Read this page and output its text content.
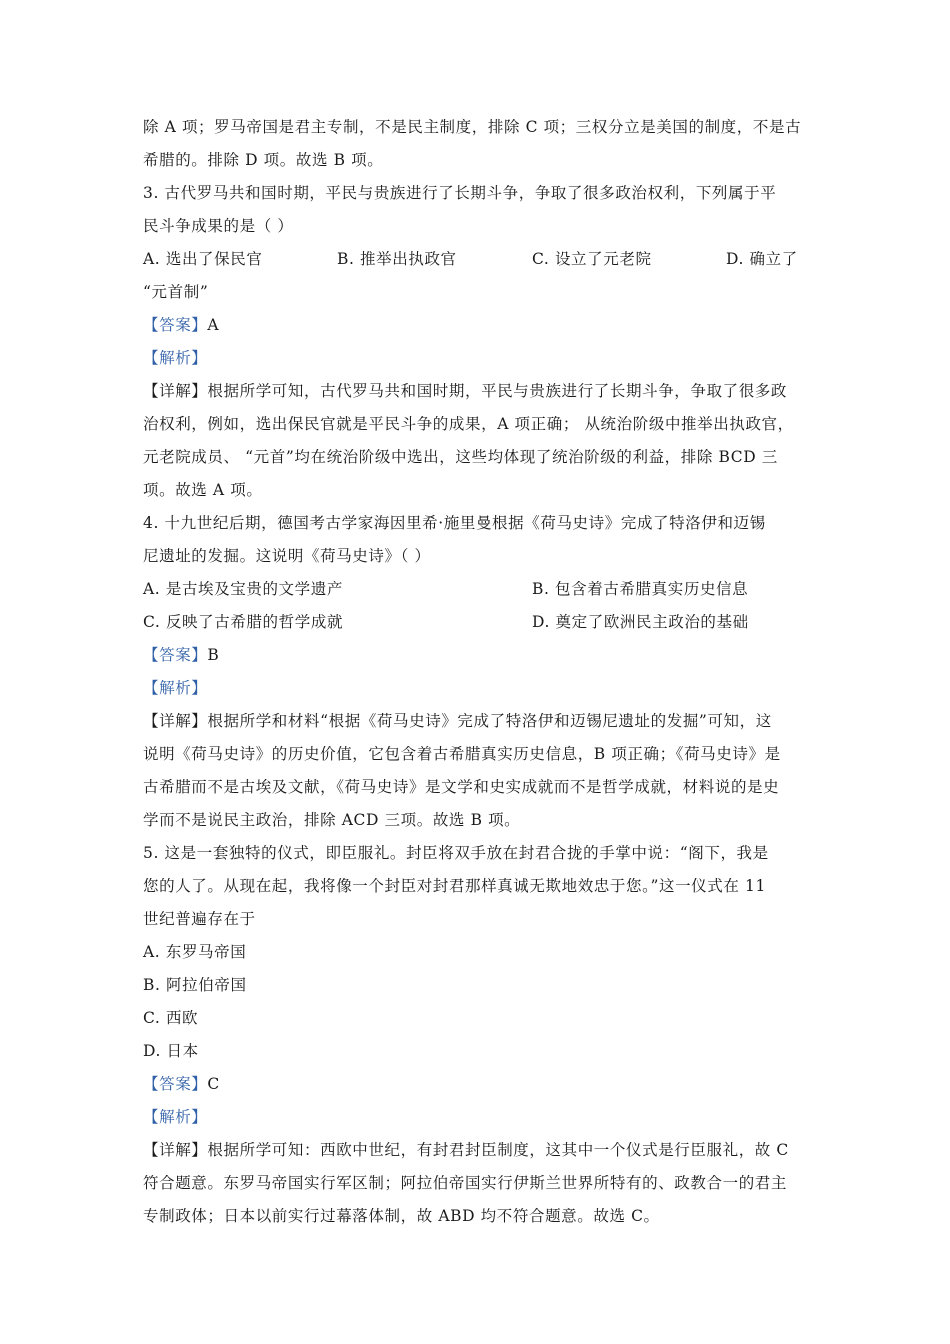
除 A 项；罗马帝国是君主专制，不是民主制度，排除 C 项；三权分立是美国的制度，不是古
希腊的。排除 D 项。故选 B 项。
3. 古代罗马共和国时期，平民与贵族进行了长期斗争，争取了很多政治权利，下列属于平
民斗争成果的是（ ）
A. 选出了保民官	B. 推举出执政官	C. 设立了元老院	D. 确立了
“元首制”
【答案】A
【解析】
【详解】根据所学可知，古代罗马共和国时期，平民与贵族进行了长期斗争，争取了很多政
治权利，例如，选出保民官就是平民斗争的成果，A 项正确； 从统治阶级中推举出执政官，
元老院成员、 “元首”均在统治阶级中选出，这些均体现了统治阶级的利益，排除 BCD 三
项。故选 A 项。
4. 十九世纪后期，德国考古学家海因里希·施里曼根据《荷马史诗》完成了特洛伊和迈锡
尼遗址的发掘。这说明《荷马史诗》（ ）
A. 是古埃及宝贵的文学遗产	B. 包含着古希腊真实历史信息
C. 反映了古希腊的哲学成就	D. 奠定了欧洲民主政治的基础
【答案】B
【解析】
【详解】根据所学和材料“根据《荷马史诗》完成了特洛伊和迈锡尼遗址的发掘”可知，这
说明《荷马史诗》的历史价值，它包含着古希腊真实历史信息，B 项正确；《荷马史诗》是
古希腊而不是古埃及文献，《荷马史诗》是文学和史实成就而不是哲学成就，材料说的是史
学而不是说民主政治，排除 ACD 三项。故选 B 项。
5. 这是一套独特的仪式，即臣服礼。封臣将双手放在封君合拢的手掌中说：“阁下，我是
您的人了。从现在起，我将像一个封臣对封君那样真诚无欺地效忠于您。”这一仪式在 11
世纪普遍存在于
A. 东罗马帝国
B. 阿拉伯帝国
C. 西欧
D. 日本
【答案】C
【解析】
【详解】根据所学可知：西欧中世纪，有封君封臣制度，这其中一个仪式是行臣服礼，故 C
符合题意。东罗马帝国实行军区制；阿拉伯帝国实行伊斯兰世界所特有的、政教合一的君主
专制政体；日本以前实行过幕落体制，故 ABD 均不符合题意。故选 C。
